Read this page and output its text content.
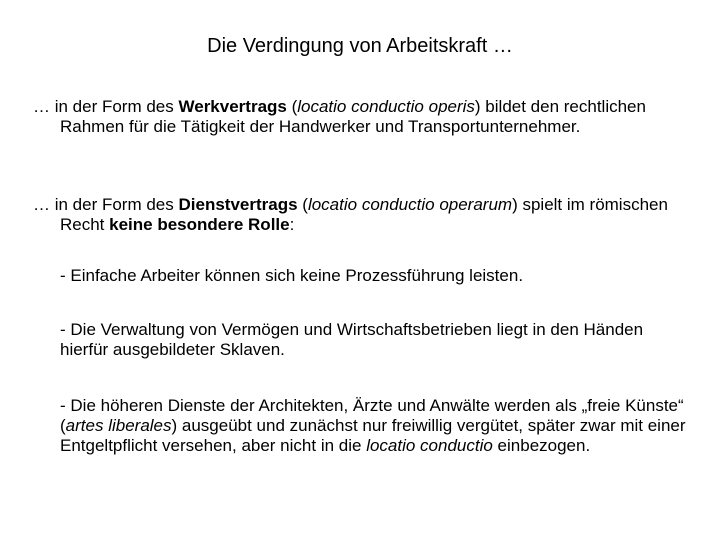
Die Verdingung von Arbeitskraft …
… in der Form des Werkvertrags (locatio conductio operis) bildet den rechtlichen Rahmen für die Tätigkeit der Handwerker und Transportunternehmer.
… in der Form des Dienstvertrags (locatio conductio operarum) spielt im römischen Recht keine besondere Rolle:
- Einfache Arbeiter können sich keine Prozessführung leisten.
- Die Verwaltung von Vermögen und Wirtschaftsbetrieben liegt in den Händen hierfür ausgebildeter Sklaven.
- Die höheren Dienste der Architekten, Ärzte und Anwälte werden als „freie Künste“ (artes liberales) ausgeübt und zunächst nur freiwillig vergütet, später zwar mit einer Entgeltpflicht versehen, aber nicht in die locatio conductio einbezogen.
